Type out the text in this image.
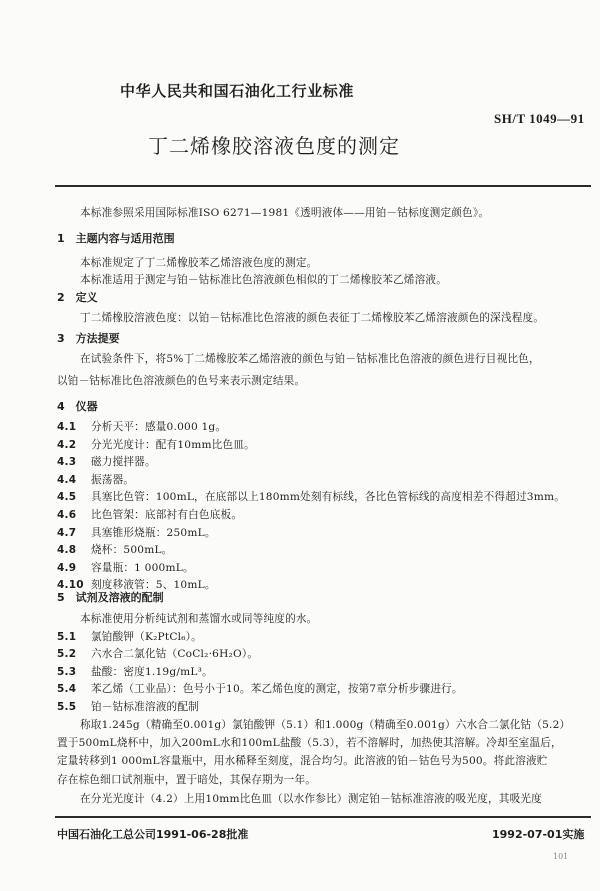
中华人民共和国石油化工行业标准
SH/T 1049—91
丁二烯橡胶溶液色度的测定
本标准参照采用国际标准ISO 6271—1981《透明液体——用铂－钴标度测定颜色》。
1　主题内容与适用范围
本标准规定了丁二烯橡胶苯乙烯溶液色度的测定。
本标准适用于测定与铂－钴标准比色溶液颜色相似的丁二烯橡胶苯乙烯溶液。
2　定义
丁二烯橡胶溶液色度：以铂－钴标准比色溶液的颜色表征丁二烯橡胶苯乙烯溶液颜色的深浅程度。
3　方法提要
在试验条件下，将5%丁二烯橡胶苯乙烯溶液的颜色与铂－钴标准比色溶液的颜色进行目视比色，
以铂－钴标准比色溶液颜色的色号来表示测定结果。
4　仪器
5　试剂及溶液的配制
本标准使用分析纯试剂和蒸馏水或同等纯度的水。
称取1.245g（精确至0.001g）氯铂酸钾（5.1）和1.000g（精确至0.001g）六水合二氯化钴（5.2）
置于500mL烧杯中，加入200mL水和100mL盐酸（5.3），若不溶解时，加热使其溶解。冷却至室温后，
定量转移到1 000mL容量瓶中，用水稀释至刻度，混合均匀。此溶液的铂－钴色号为500。将此溶液贮
存在棕色细口试剂瓶中，置于暗处，其保存期为一年。
在分光光度计（4.2）上用10mm比色皿（以水作参比）测定铂－钴标准溶液的吸光度，其吸光度
4.1 分析天平：感量0.000 1g。
4.2 分光光度计：配有10mm比色皿。
4.3 磁力搅拌器。
4.4 振荡器。
4.5 具塞比色管：100mL，在底部以上180mm处刻有标线，各比色管标线的高度相差不得超过3mm。
4.6 比色管架：底部衬有白色底板。
4.7 具塞锥形烧瓶：250mL。
4.8 烧杯：500mL。
4.9 容量瓶：1 000mL。
4.10 刻度移液管：5、10mL。
5.1 氯铂酸钾（K₂PtCl₆）。
5.2 六水合二氯化钴（CoCl₂·6H₂O）。
5.3 盐酸：密度1.19g/mL³。
5.4 苯乙烯（工业品）：色号小于10。苯乙烯色度的测定，按第7章分析步骤进行。
5.5 铂－钴标准溶液的配制
中国石油化工总公司1991-06-28批准	1992-07-01实施
101
